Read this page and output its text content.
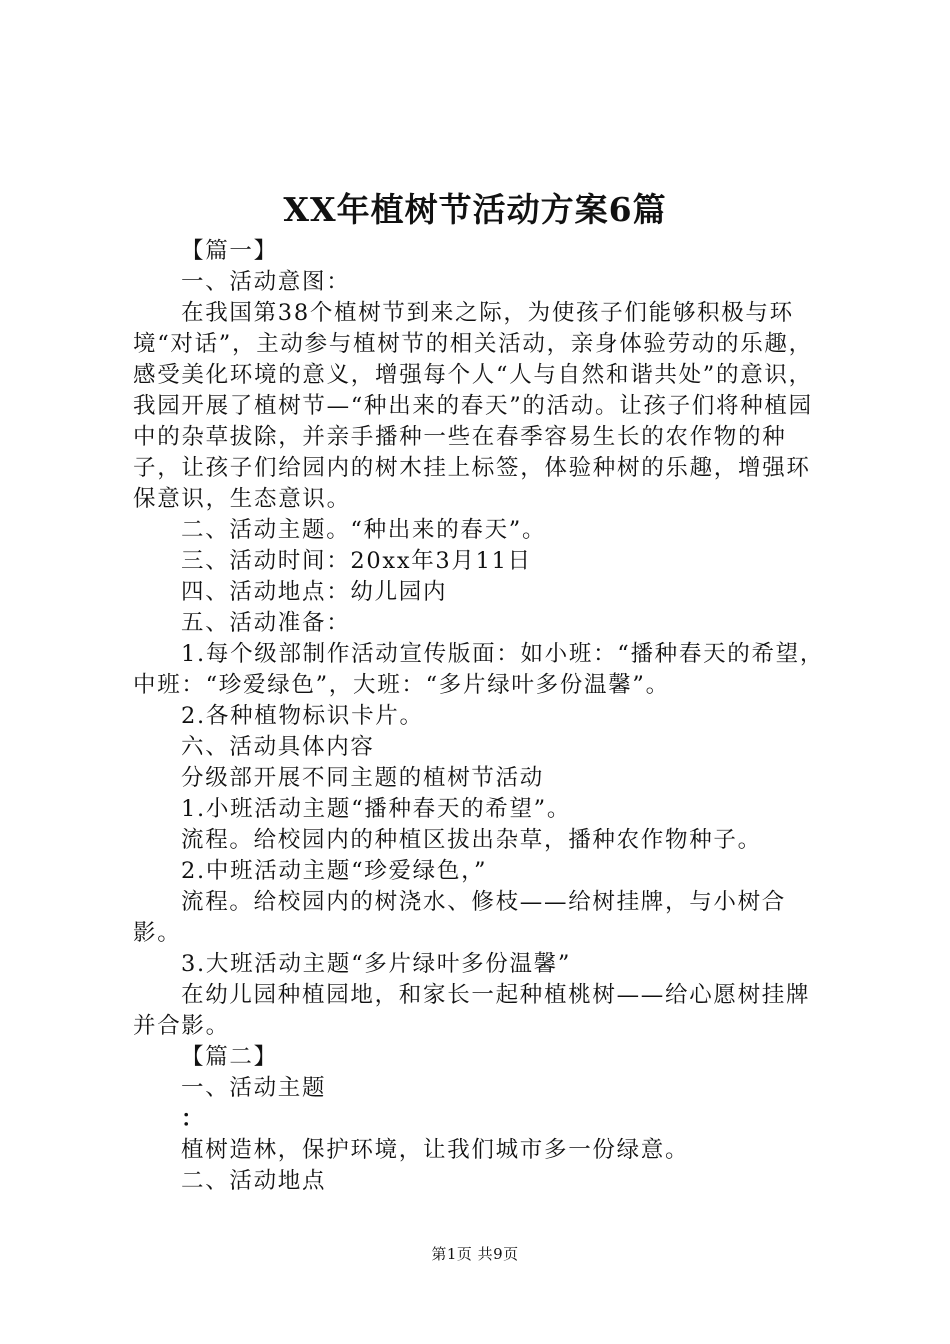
XX年植树节活动方案6篇

【篇一】

一、活动意图：

在我国第38个植树节到来之际，为使孩子们能够积极与环境“对话”，主动参与植树节的相关活动，亲身体验劳动的乐趣，感受美化环境的意义，增强每个人“人与自然和谐共处”的意识，我园开展了植树节—“种出来的春天”的活动。让孩子们将种植园中的杂草拔除，并亲手播种一些在春季容易生长的农作物的种子，让孩子们给园内的树木挂上标签，体验种树的乐趣，增强环保意识，生态意识。

二、活动主题。“种出来的春天”。

三、活动时间：20xx年3月11日

四、活动地点：幼儿园内

五、活动准备：

1.每个级部制作活动宣传版面：如小班：“播种春天的希望，中班：“珍爱绿色”，大班：“多片绿叶多份温馨”。

2.各种植物标识卡片。

六、活动具体内容

分级部开展不同主题的植树节活动

1.小班活动主题“播种春天的希望”。

流程。给校园内的种植区拔出杂草，播种农作物种子。

2.中班活动主题“珍爱绿色，”

流程。给校园内的树浇水、修枝——给树挂牌，与小树合影。

3.大班活动主题“多片绿叶多份温馨”

在幼儿园种植园地，和家长一起种植桃树——给心愿树挂牌并合影。

【篇二】

一、活动主题

：

植树造林，保护环境，让我们城市多一份绿意。

二、活动地点

第1页 共9页
